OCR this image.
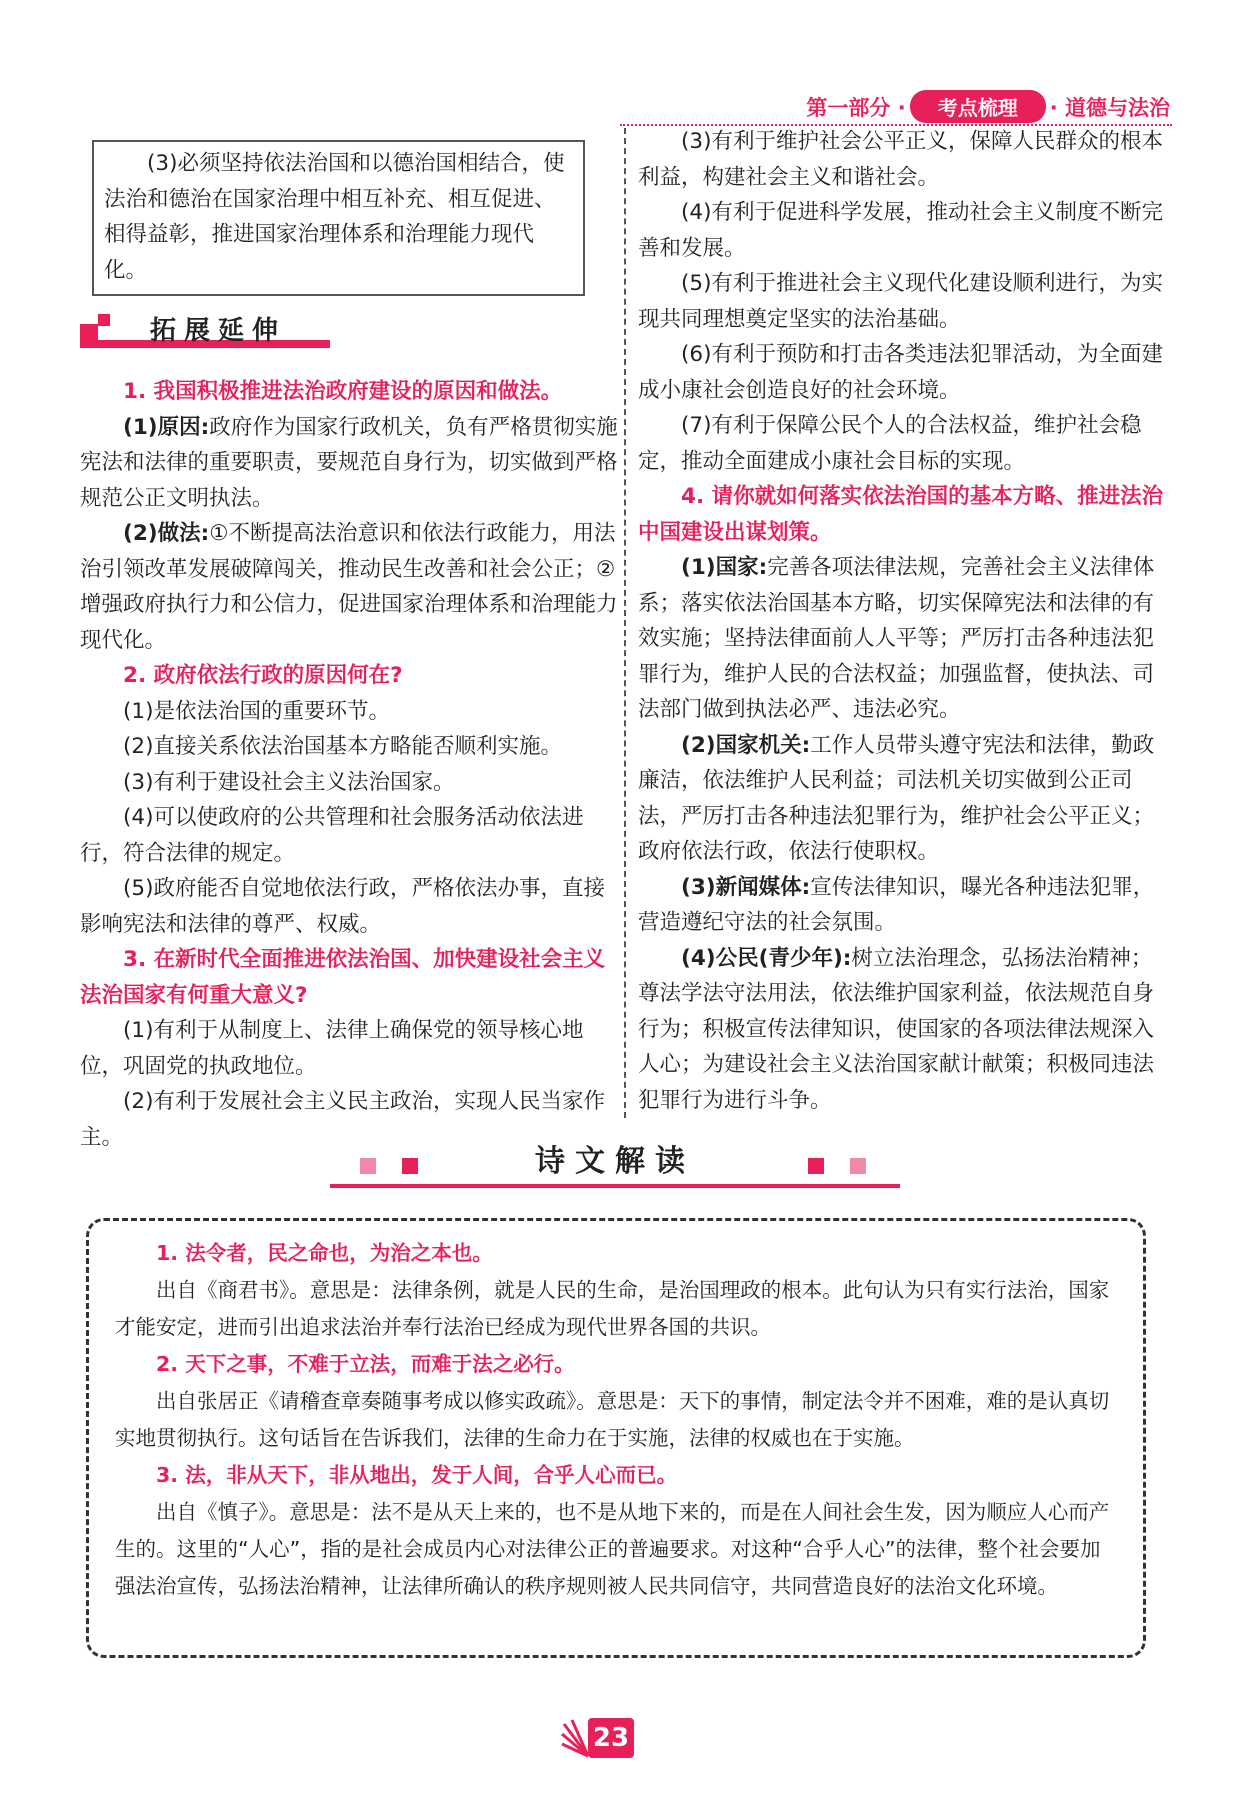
第一部分 ·	考点梳理	· 道德与法治

(3)必须坚持依法治国和以德治国相结合，使法治和德治在国家治理中相互补充、相互促进、相得益彰，推进国家治理体系和治理能力现代化。

拓展延伸

1. 我国积极推进法治政府建设的原因和做法。

(1)原因:政府作为国家行政机关，负有严格贯彻实施宪法和法律的重要职责，要规范自身行为，切实做到严格规范公正文明执法。

(2)做法:①不断提高法治意识和依法行政能力，用法治引领改革发展破障闯关，推动民生改善和社会公正；②增强政府执行力和公信力，促进国家治理体系和治理能力现代化。

2. 政府依法行政的原因何在?

(1)是依法治国的重要环节。

(2)直接关系依法治国基本方略能否顺利实施。

(3)有利于建设社会主义法治国家。

(4)可以使政府的公共管理和社会服务活动依法进行，符合法律的规定。

(5)政府能否自觉地依法行政，严格依法办事，直接影响宪法和法律的尊严、权威。

3. 在新时代全面推进依法治国、加快建设社会主义法治国家有何重大意义?

(1)有利于从制度上、法律上确保党的领导核心地位，巩固党的执政地位。

(2)有利于发展社会主义民主政治，实现人民当家作主。

(3)有利于维护社会公平正义，保障人民群众的根本利益，构建社会主义和谐社会。

(4)有利于促进科学发展，推动社会主义制度不断完善和发展。

(5)有利于推进社会主义现代化建设顺利进行，为实现共同理想奠定坚实的法治基础。

(6)有利于预防和打击各类违法犯罪活动，为全面建成小康社会创造良好的社会环境。

(7)有利于保障公民个人的合法权益，维护社会稳定，推动全面建成小康社会目标的实现。

4. 请你就如何落实依法治国的基本方略、推进法治中国建设出谋划策。

(1)国家:完善各项法律法规，完善社会主义法律体系；落实依法治国基本方略，切实保障宪法和法律的有效实施；坚持法律面前人人平等；严厉打击各种违法犯罪行为，维护人民的合法权益；加强监督，使执法、司法部门做到执法必严、违法必究。

(2)国家机关:工作人员带头遵守宪法和法律，勤政廉洁，依法维护人民利益；司法机关切实做到公正司法，严厉打击各种违法犯罪行为，维护社会公平正义；政府依法行政，依法行使职权。

(3)新闻媒体:宣传法律知识，曝光各种违法犯罪，营造遵纪守法的社会氛围。

(4)公民(青少年):树立法治理念，弘扬法治精神；尊法学法守法用法，依法维护国家利益，依法规范自身行为；积极宣传法律知识，使国家的各项法律法规深入人心；为建设社会主义法治国家献计献策；积极同违法犯罪行为进行斗争。

诗文解读

1. 法令者，民之命也，为治之本也。

出自《商君书》。意思是：法律条例，就是人民的生命，是治国理政的根本。此句认为只有实行法治，国家才能安定，进而引出追求法治并奉行法治已经成为现代世界各国的共识。

2. 天下之事，不难于立法，而难于法之必行。

出自张居正《请稽查章奏随事考成以修实政疏》。意思是：天下的事情，制定法令并不困难，难的是认真切实地贯彻执行。这句话旨在告诉我们，法律的生命力在于实施，法律的权威也在于实施。

3. 法，非从天下，非从地出，发于人间，合乎人心而已。

出自《慎子》。意思是：法不是从天上来的，也不是从地下来的，而是在人间社会生发，因为顺应人心而产生的。这里的“人心”，指的是社会成员内心对法律公正的普遍要求。对这种“合乎人心”的法律，整个社会要加强法治宣传，弘扬法治精神，让法律所确认的秩序规则被人民共同信守，共同营造良好的法治文化环境。

23
